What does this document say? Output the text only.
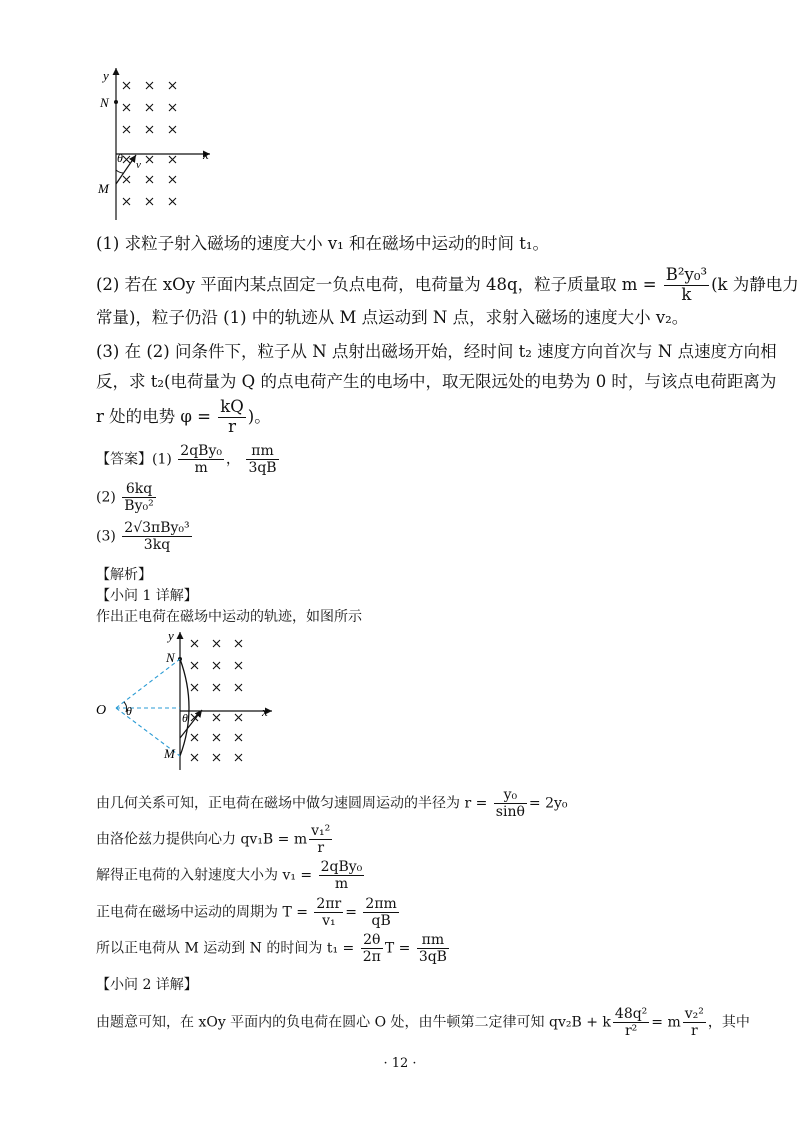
y
x
N
M
θ v
(1) 求粒子射入磁场的速度大小 v₁ 和在磁场中运动的时间 t₁。
(2) 若在 xOy 平面内某点固定一负点电荷，电荷量为 48q，粒子质量取 $m = \frac{\text{B²y₀³}}{k} (k$ 为静电力
常量)，粒子仍沿 (1) 中的轨迹从 M 点运动到 N 点，求射入磁场的速度大小 v₂。
(3) 在 (2) 问条件下，粒子从 N 点射出磁场开始，经时间 t₂ 速度方向首次与 N 点速度方向相
反，求 t₂(电荷量为 Q 的点电荷产生的电场中，取无限远处的电势为 0 时，与该点电荷距离为
r 处的电势 $\varphi = \frac{kQ}{r}$ )。
【答案】$(1) \frac{\text{2qBy₀}}{m}$ ， $\frac{\pi m}{3qB}$
$(2) \frac{6kq}{\text{By₀²}}$
$(3) \frac{\text{2√3πBy₀³}}{3kq}$
【解析】
【小问 1 详解】
作出正电荷在磁场中运动的轨迹，如图所示
y
x
N
M
O θ	θ
由几何关系可知，正电荷在磁场中做匀速圆周运动的半径为 $r = \frac{\text{y₀}}{\sin\theta} = 2y_0$
由洛伦兹力提供向心力 qv₁B = m $\frac{\text{v₁²}}{r}$
解得正电荷的入射速度大小为 $v_1 = \frac{\text{2qBy₀}}{m}$
正电荷在磁场中运动的周期为 $T = \frac{2\pi r}{\text{v₁}} = \frac{2\pi m}{qB}$
所以正电荷从 M 运动到 N 的时间为 $t_1 = \frac{2\theta}{2\pi}$ $T = \frac{\pi m}{3qB}$
【小问 2 详解】
由题意可知，在 xOy 平面内的负电荷在圆心 O 处，由牛顿第二定律可知 qv₂B + k $\frac{\text{48q²}}{\text{r²}} = m \frac{\text{v₂²}}{r}$ ，其中
· 12 ·
